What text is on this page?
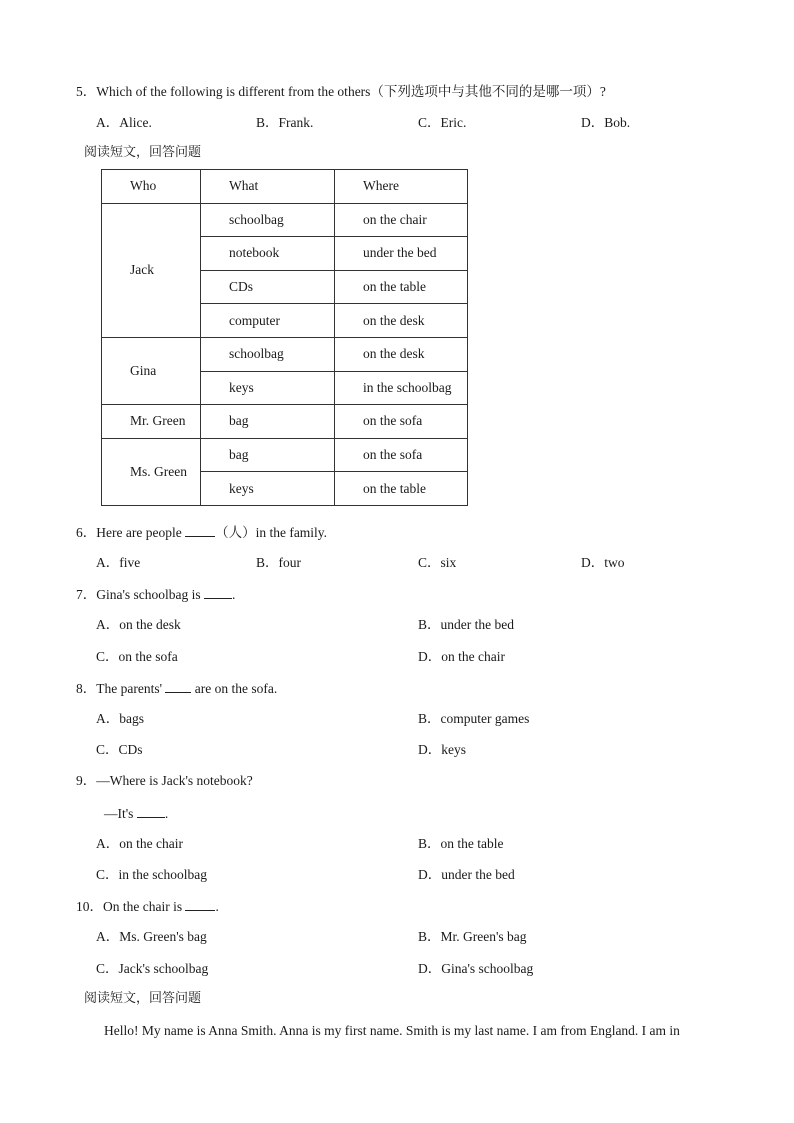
5．Which of the following is different from the others（下列选项中与其他不同的是哪一项）?
A．Alice.	B．Frank.	C．Eric.	D．Bob.
阅读短文，回答问题
Who	What	Where
Jack	schoolbag	on the chair
	notebook	under the bed
	CDs	on the table
	computer	on the desk
Gina	schoolbag	on the desk
	keys	in the schoolbag
Mr. Green	bag	on the sofa
Ms. Green	bag	on the sofa
	keys	on the table
6．Here are people （人）in the family.
A．five	B．four	C．six	D．two
7．Gina's schoolbag is .
A．on the desk	B．under the bed
C．on the sofa	D．on the chair
8．The parents'  are on the sofa.
A．bags	B．computer games
C．CDs	D．keys
9．—Where is Jack's notebook?
—It's .
A．on the chair	B．on the table
C．in the schoolbag	D．under the bed
10．On the chair is .
A．Ms. Green's bag	B．Mr. Green's bag
C．Jack's schoolbag	D．Gina's schoolbag
阅读短文，回答问题
Hello! My name is Anna Smith. Anna is my first name. Smith is my last name. I am from England. I am in
